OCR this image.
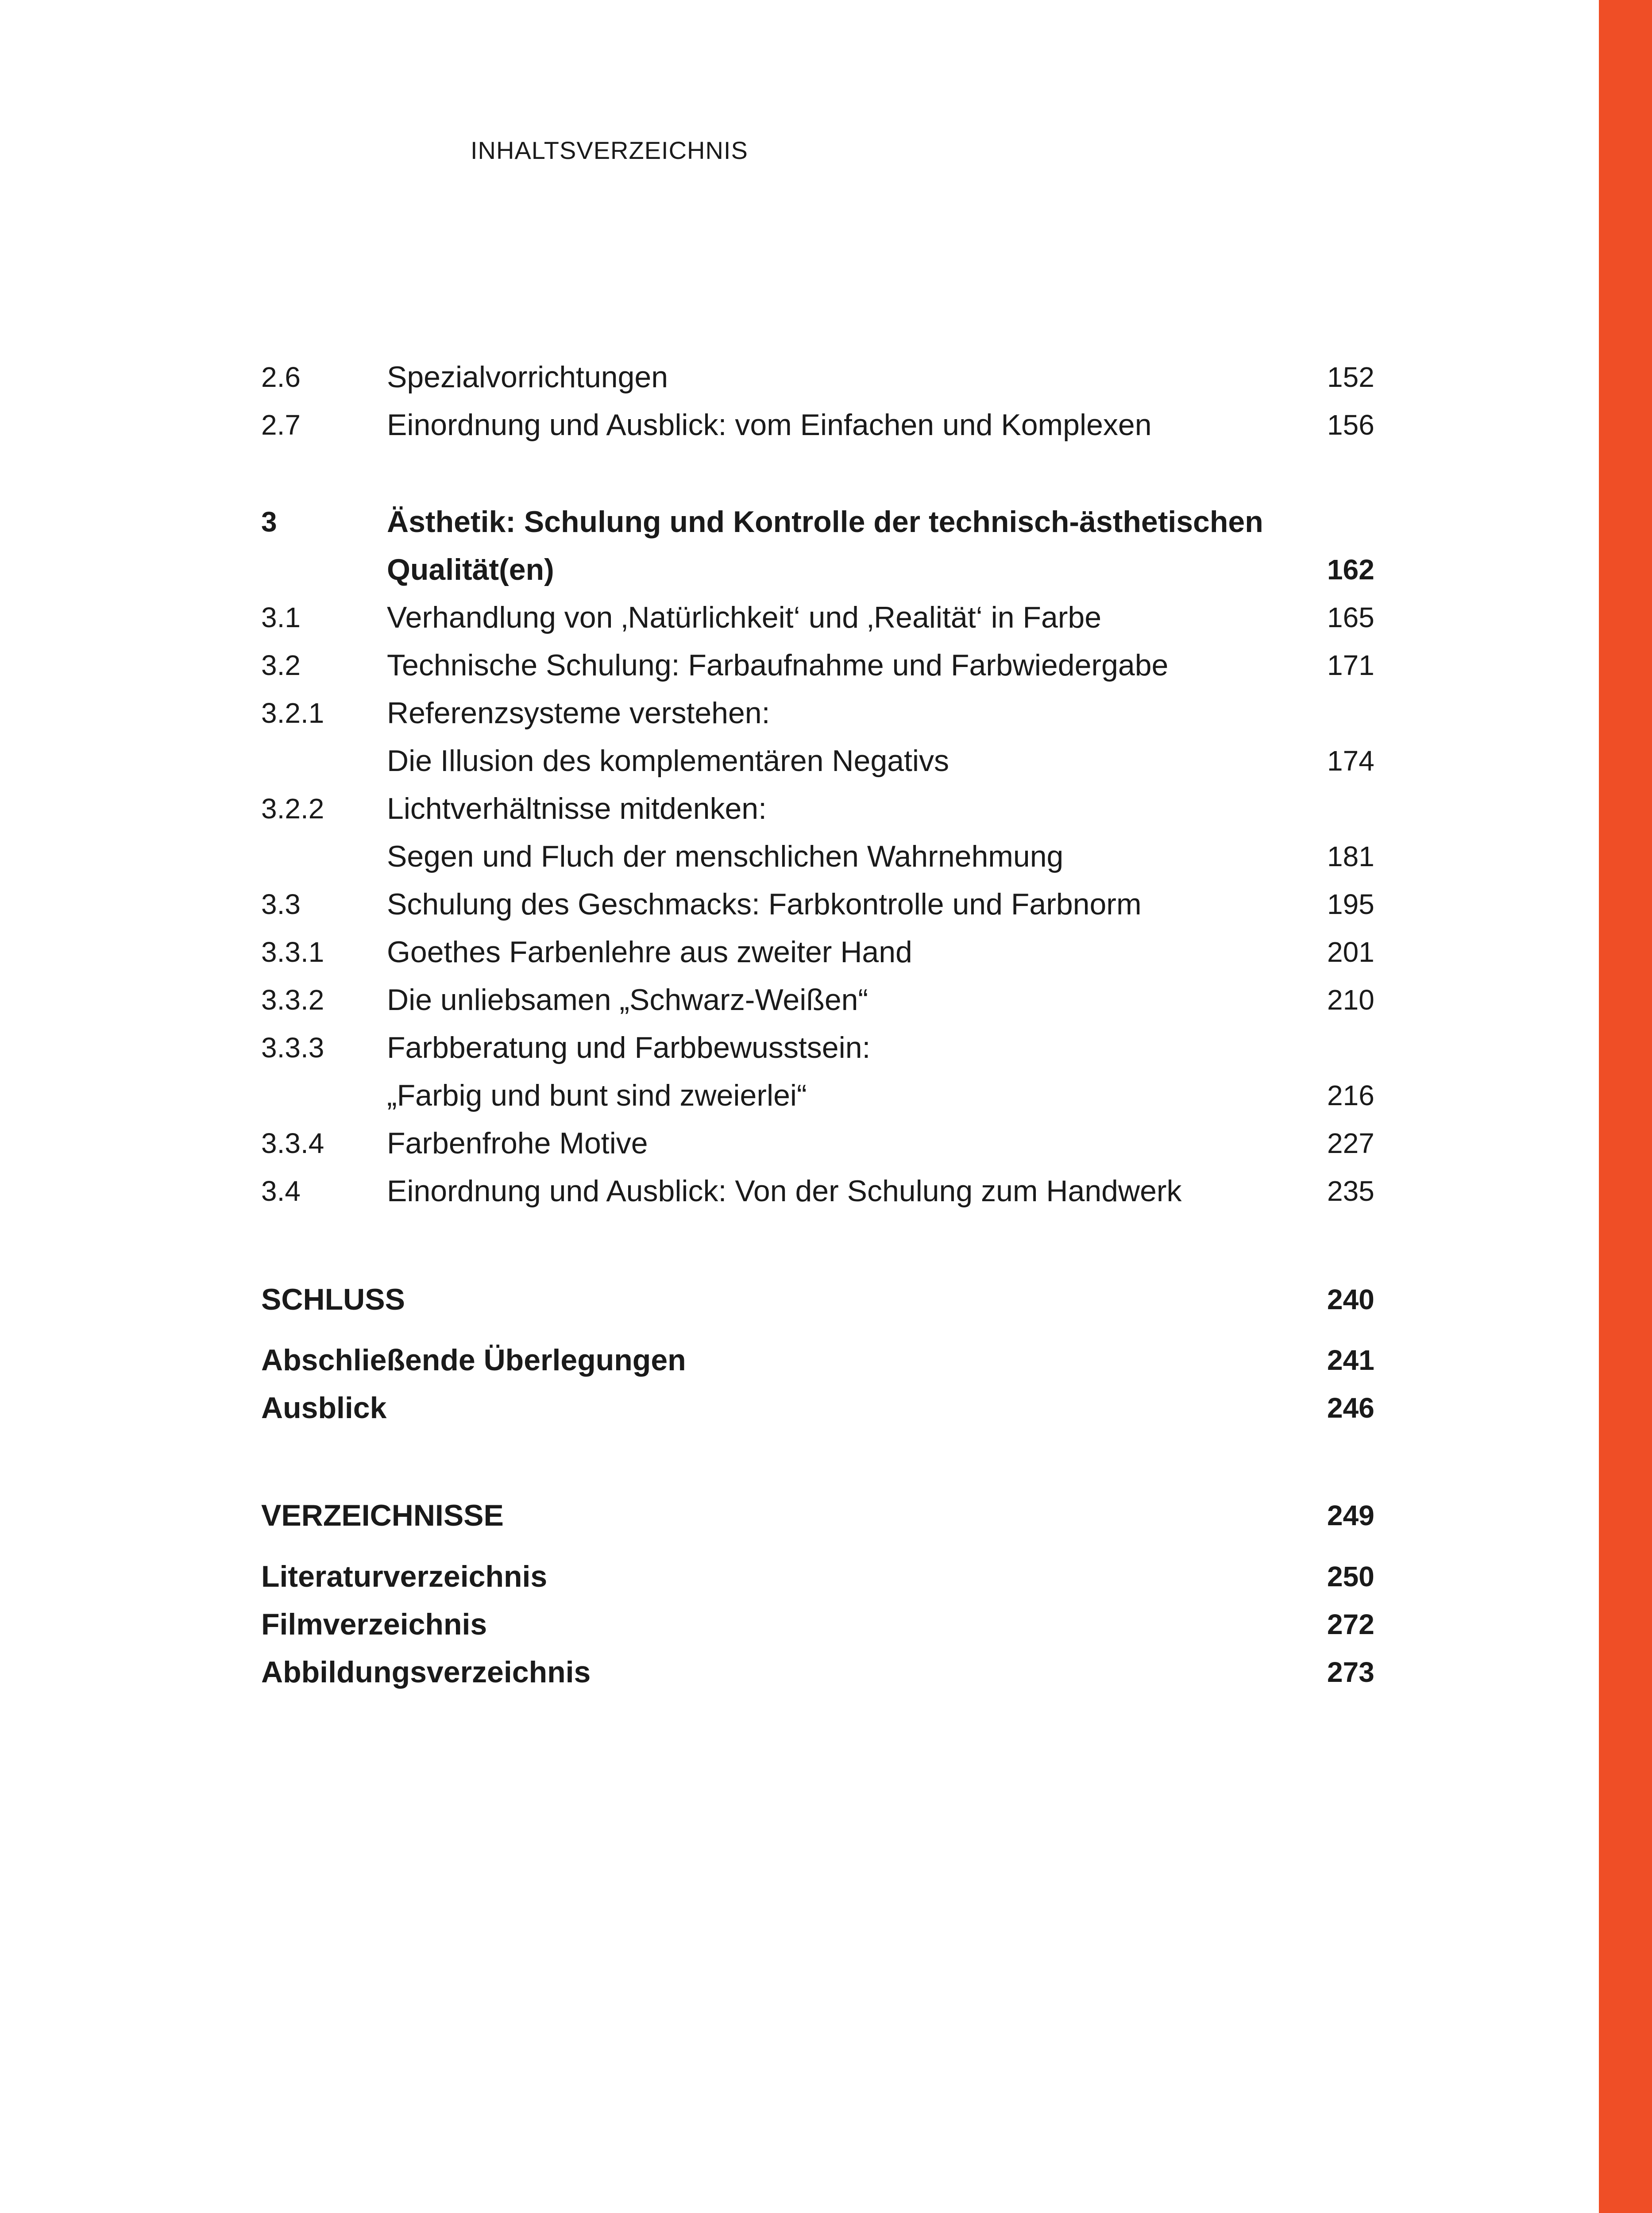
INHALTSVERZEICHNIS
2.6	Spezialvorrichtungen	152
2.7	Einordnung und Ausblick: vom Einfachen und Komplexen	156
3	Ästhetik: Schulung und Kontrolle der technisch-ästhetischen
Qualität(en)	162
3.1	Verhandlung von ‚Natürlichkeit‘ und ‚Realität‘ in Farbe	165
3.2	Technische Schulung: Farbaufnahme und Farbwiedergabe	171
3.2.1 Referenzsysteme verstehen:
Die Illusion des komplementären Negativs	174
3.2.2 Lichtverhältnisse mitdenken:
Segen und Fluch der menschlichen Wahrnehmung	181
3.3	Schulung des Geschmacks: Farbkontrolle und Farbnorm	195
3.3.1 Goethes Farbenlehre aus zweiter Hand	201
3.3.2 Die unliebsamen „Schwarz-Weißen“	210
3.3.3 Farbberatung und Farbbewusstsein:
„Farbig und bunt sind zweierlei“	216
3.3.4 Farbenfrohe Motive	227
3.4	Einordnung und Ausblick: Von der Schulung zum Handwerk	235
SCHLUSS	240
Abschließende Überlegungen	241
Ausblick	246
VERZEICHNISSE	249
Literaturverzeichnis	250
Filmverzeichnis	272
Abbildungsverzeichnis	273
